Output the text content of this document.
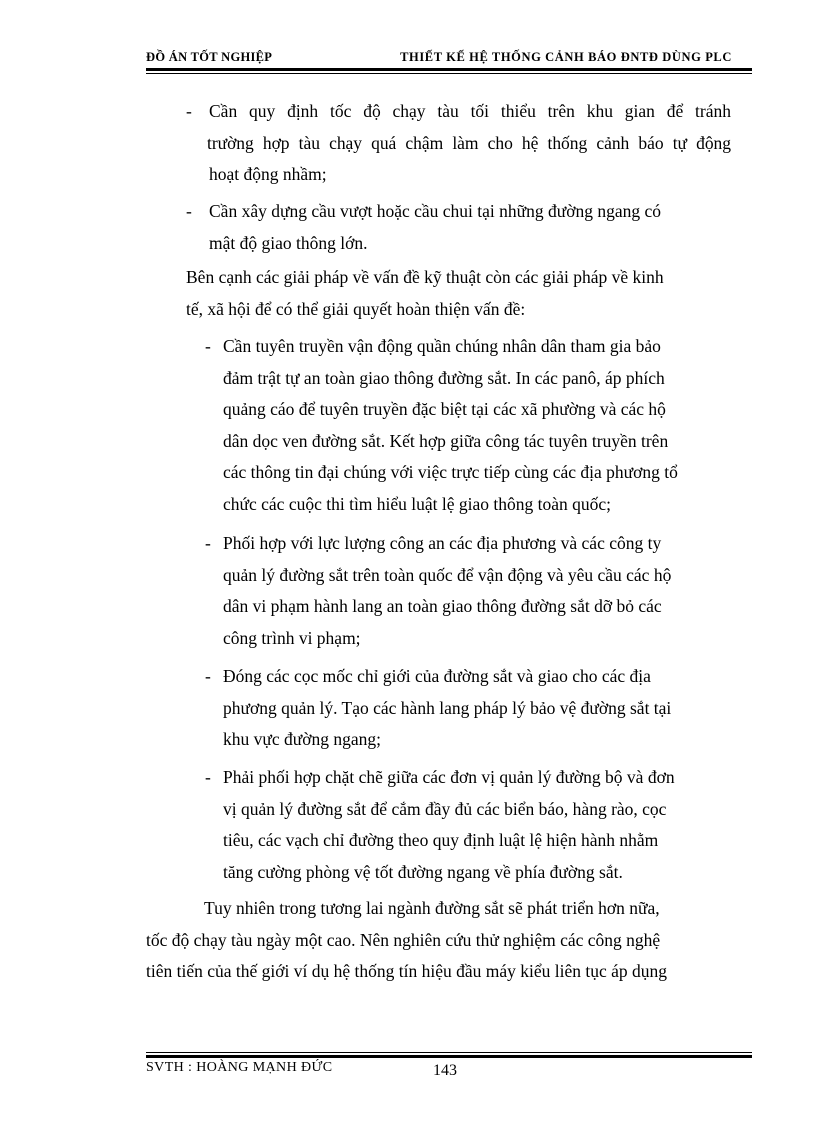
ĐỒ ÁN TỐT NGHIỆP	THIẾT KẾ HỆ THỐNG CẢNH BÁO ĐNTĐ DÙNG PLC
- Cần quy định tốc độ chạy tàu tối thiểu trên khu gian để tránh
trường hợp tàu chạy quá chậm làm cho hệ thống cảnh báo tự động
hoạt động nhầm;
- Cần xây dựng cầu vượt hoặc cầu chui tại những đường ngang có
mật độ giao thông lớn.
Bên cạnh các giải pháp về vấn đề kỹ thuật còn các giải pháp về kinh
tế, xã hội để có thể giải quyết hoàn thiện vấn đề:
- Cần tuyên truyền vận động quần chúng nhân dân tham gia bảo
đảm trật tự an toàn giao thông đường sắt. In các panô, áp phích
quảng cáo để tuyên truyền đặc biệt tại các xã phường và các hộ
dân dọc ven đường sắt. Kết hợp giữa công tác tuyên truyền trên
các thông tin đại chúng với việc trực tiếp cùng các địa phương tổ
chức các cuộc thi tìm hiểu luật lệ giao thông toàn quốc;
- Phối hợp với lực lượng công an các địa phương và các công ty
quản lý đường sắt trên toàn quốc để vận động và yêu cầu các hộ
dân vi phạm hành lang an toàn giao thông đường sắt dỡ bỏ các
công trình vi phạm;
- Đóng các cọc mốc chỉ giới của đường sắt và giao cho các địa
phương quản lý. Tạo các hành lang pháp lý bảo vệ đường sắt tại
khu vực đường ngang;
- Phải phối hợp chặt chẽ giữa các đơn vị quản lý đường bộ và đơn
vị quản lý đường sắt để cắm đầy đủ các biển báo, hàng rào, cọc
tiêu, các vạch chỉ đường theo quy định luật lệ hiện hành nhằm
tăng cường phòng vệ tốt đường ngang về phía đường sắt.
Tuy nhiên trong tương lai ngành đường sắt sẽ phát triển hơn nữa,
tốc độ chạy tàu ngày một cao. Nên nghiên cứu thử nghiệm các công nghệ
tiên tiến của thế giới ví dụ hệ thống tín hiệu đầu máy kiểu liên tục áp dụng
SVTH : HOÀNG MẠNH ĐỨC	143
